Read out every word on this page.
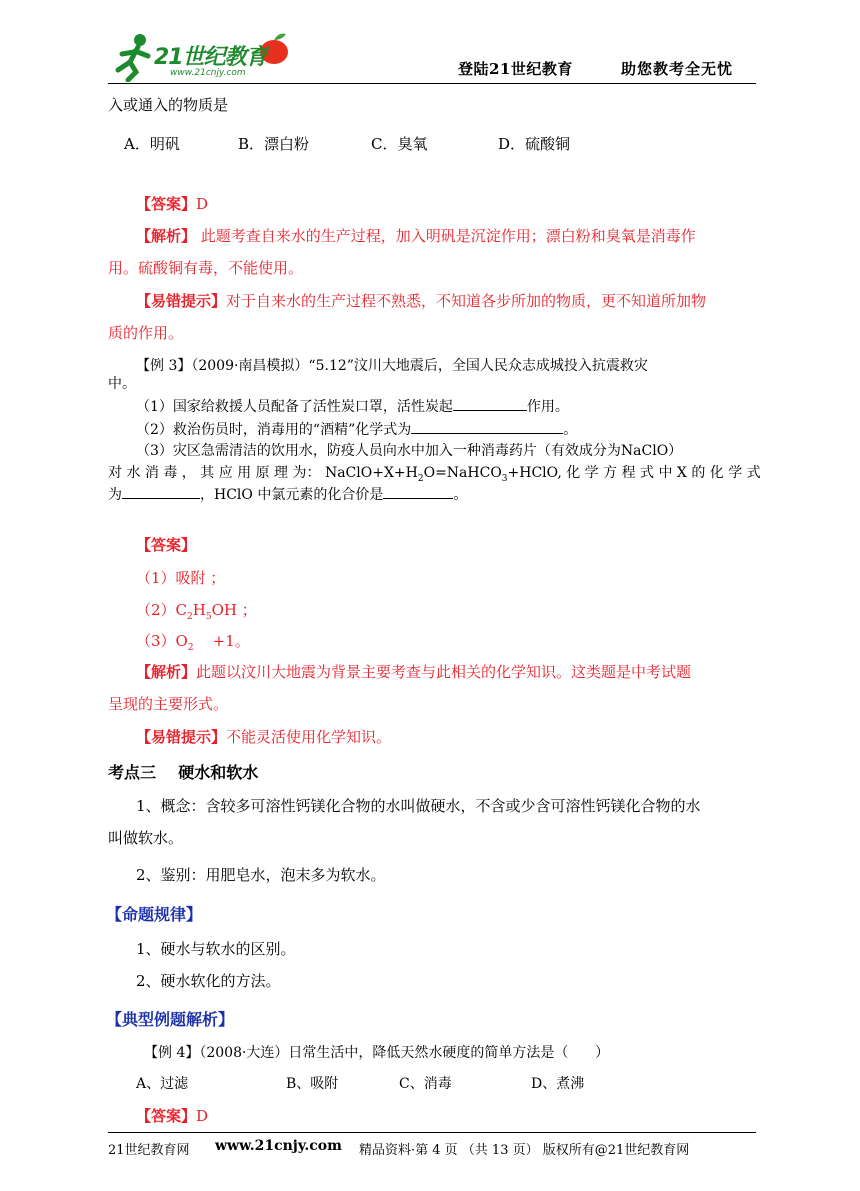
21世纪教育
www.21cnjy.com	登陆21世纪教育	助您教考全无忧
入或通入的物质是
A．明矾	B．漂白粉	C．臭氧	D．硫酸铜
【答案】D
【解析】 此题考查自来水的生产过程，加入明矾是沉淀作用；漂白粉和臭氧是消毒作
用。硫酸铜有毒，不能使用。
【易错提示】对于自来水的生产过程不熟悉，不知道各步所加的物质，更不知道所加物
质的作用。
【例 3】（2009·南昌模拟）“5.12”汶川大地震后，全国人民众志成城投入抗震救灾
中。
（1）国家给救援人员配备了活性炭口罩，活性炭起	作用。
（2）救治伤员时，消毒用的“酒精”化学式为	。
（3）灾区急需清洁的饮用水，防疫人员向水中加入一种消毒药片（有效成分为NaClO）
对 水 消 毒 ， 其 应 用 原 理 为： $NaClO+X+H_2O=NaHCO_3+HClO$, 化 学 方 程 式 中 X 的 化 学 式
为	，HClO 中氯元素的化合价是	。
【答案】
（1）吸附 ；
$(2)C_2H_5OH$ ；
$(3)O_2$    +1。
【解析】此题以汶川大地震为背景主要考查与此相关的化学知识。这类题是中考试题
呈现的主要形式。
【易错提示】不能灵活使用化学知识。
考点三    硬水和软水
1、概念：含较多可溶性钙镁化合物的水叫做硬水，不含或少含可溶性钙镁化合物的水
叫做软水。
2、鉴别：用肥皂水，泡末多为软水。
【命题规律】
1、硬水与软水的区别。
2、硬水软化的方法。
【典型例题解析】
【例 4】（2008·大连）日常生活中，降低天然水硬度的简单方法是（      ）
A、过滤	B、吸附	C、消毒	D、煮沸
【答案】D
21世纪教育网 www.21cnjy.com 精品资料·第 4 页 （共 13 页） 版权所有@21世纪教育网
